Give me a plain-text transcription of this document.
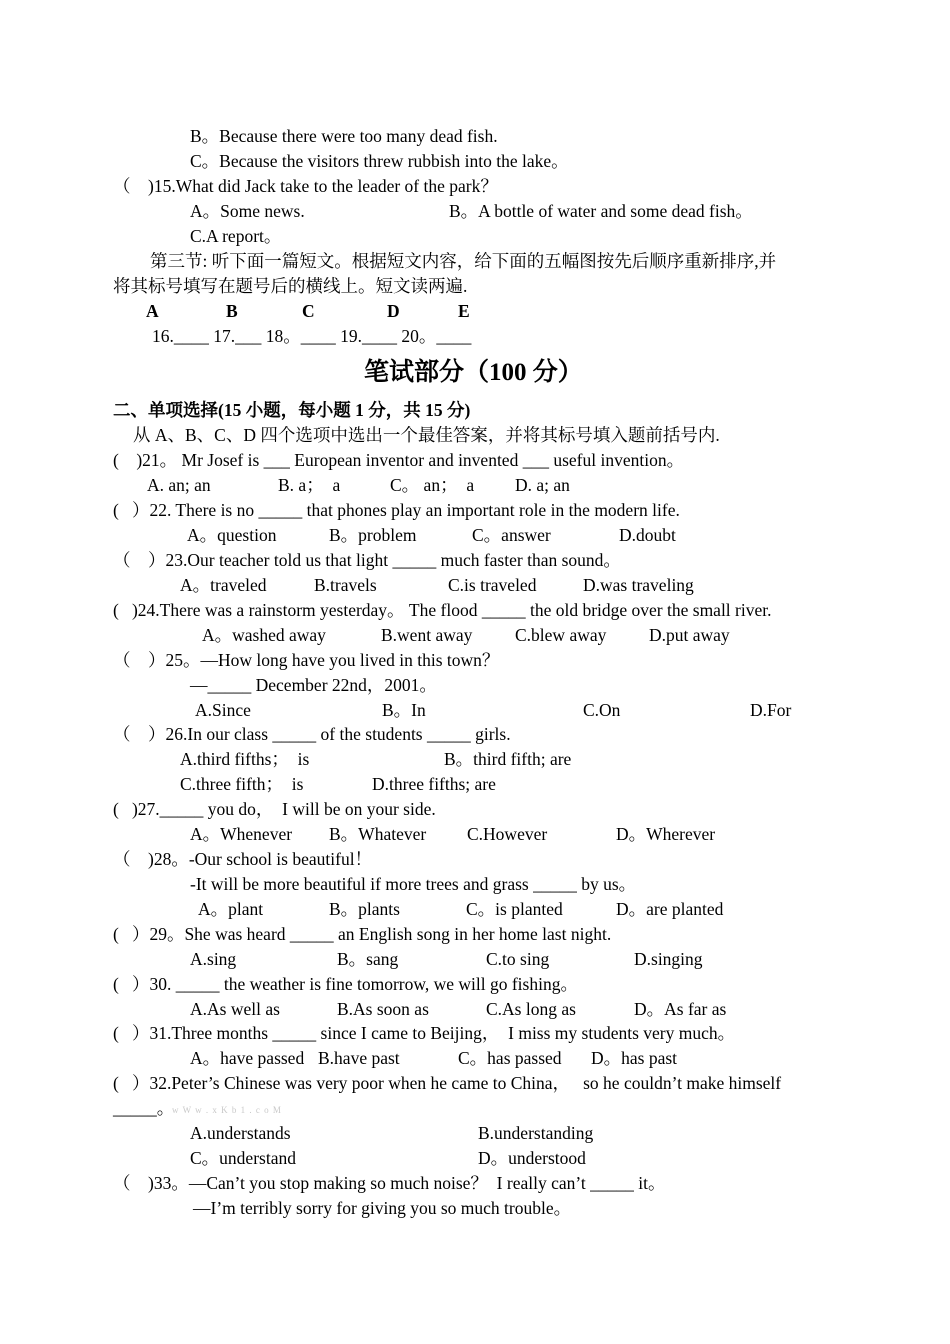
B。Because there were too many dead fish.
C。Because the visitors threw rubbish into the lake。
（    )15.What did Jack take to the leader of the park？
A。Some news.	B。A bottle of water and some dead fish。
C.A report。
第三节: 听下面一篇短文。根据短文内容，给下面的五幅图按先后顺序重新排序,并
将其标号填写在题号后的横线上。短文读两遍.
A	B	C	D	E
16.____ 17.___ 18。____ 19.____ 20。____
笔试部分（100 分）
二、单项选择(15 小题，每小题 1 分，共 15 分)
从 A、B、C、D 四个选项中选出一个最佳答案，并将其标号填入题前括号内.
(    )21。 Mr Josef is ___ European inventor and invented ___ useful invention。
A. an; an	B. a；  a	C。 an；  a D. a; an
(   ）22. There is no _____ that phones play an important role in the modern life.
A。question	B。problem	C。answer	D.doubt
（    ）23.Our teacher told us that light _____ much faster than sound。
A。traveled	B.travels	C.is traveled	D.was traveling
(   )24.There was a rainstorm yesterday。 The flood _____ the old bridge over the small river.
A。washed away	B.went away C.blew away D.put away
（    ）25。—How long have you lived in this town？
—_____ December 22nd，2001。
A.Since	B。In	C.On	D.For
（    ）26.In our class _____ of the students _____ girls.
A.third fifths；  is	B。third fifth; are
C.three fifth；  is	D.three fifths; are
(   )27._____ you do，  I will be on your side.
A。Whenever B。Whatever C.However	D。Wherever
（    )28。-Our school is beautiful！
-It will be more beautiful if more trees and grass _____ by us。
A。plant	B。plants	C。is planted	D。are planted
(   ）29。She was heard _____ an English song in her home last night.
A.sing	B。sang	C.to sing	D.singing
(   ）30. _____ the weather is fine tomorrow, we will go fishing。
A.As well as	B.As soon as	C.As long as	D。As far as
(   ）31.Three months _____ since I came to Beijing，  I miss my students very much。
A。have passed B.have past	C。has passed D。has past
(   ）32.Peter’s Chinese was very poor when he came to China，   so he couldn’t make himself
_____。
w W w . x K b 1 . c o M
A.understands	B.understanding
C。understand	D。understood
（    )33。—Can’t you stop making so much noise？  I really can’t _____ it。
—I’m terribly sorry for giving you so much trouble。
